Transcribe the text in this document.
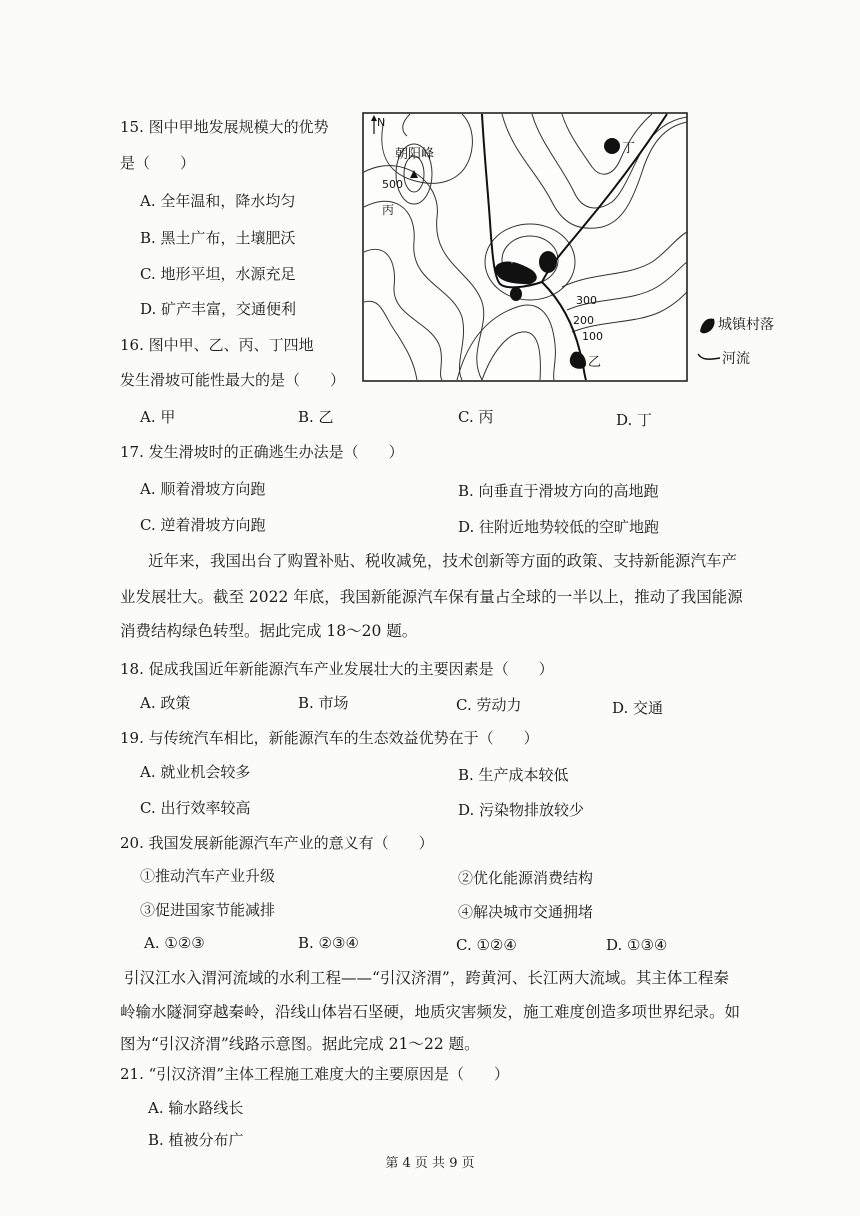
15. 图中甲地发展规模大的优势
是（　　）
A. 全年温和，降水均匀
B. 黑土广布，土壤肥沃
C. 地形平坦，水源充足
D. 矿产丰富，交通便利
16. 图中甲、乙、丙、丁四地
发生滑坡可能性最大的是（　　）
A. 甲	B. 乙	C. 丙	D. 丁
N
朝阳峰
500
丙
甲
300
200
100
乙
丁
城镇村落
河流
17. 发生滑坡时的正确逃生办法是（　　）
A. 顺着滑坡方向跑	B. 向垂直于滑坡方向的高地跑
C. 逆着滑坡方向跑	D. 往附近地势较低的空旷地跑
近年来，我国出台了购置补贴、税收减免，技术创新等方面的政策、支持新能源汽车产
业发展壮大。截至 2022 年底，我国新能源汽车保有量占全球的一半以上，推动了我国能源
消费结构绿色转型。据此完成 18～20 题。
18. 促成我国近年新能源汽车产业发展壮大的主要因素是（　　）
A. 政策	B. 市场	C. 劳动力	D. 交通
19. 与传统汽车相比，新能源汽车的生态效益优势在于（　　）
A. 就业机会较多	B. 生产成本较低
C. 出行效率较高	D. 污染物排放较少
20. 我国发展新能源汽车产业的意义有（　　）
①推动汽车产业升级	②优化能源消费结构
③促进国家节能减排	④解决城市交通拥堵
A. ①②③	B. ②③④	C. ①②④	D. ①③④
引汉江水入渭河流域的水利工程——“引汉济渭”，跨黄河、长江两大流域。其主体工程秦
岭输水隧洞穿越秦岭，沿线山体岩石坚硬，地质灾害频发，施工难度创造多项世界纪录。如
图为“引汉济渭”线路示意图。据此完成 21～22 题。
21. “引汉济渭”主体工程施工难度大的主要原因是（　　）
A. 输水路线长
B. 植被分布广
第 4 页 共 9 页
